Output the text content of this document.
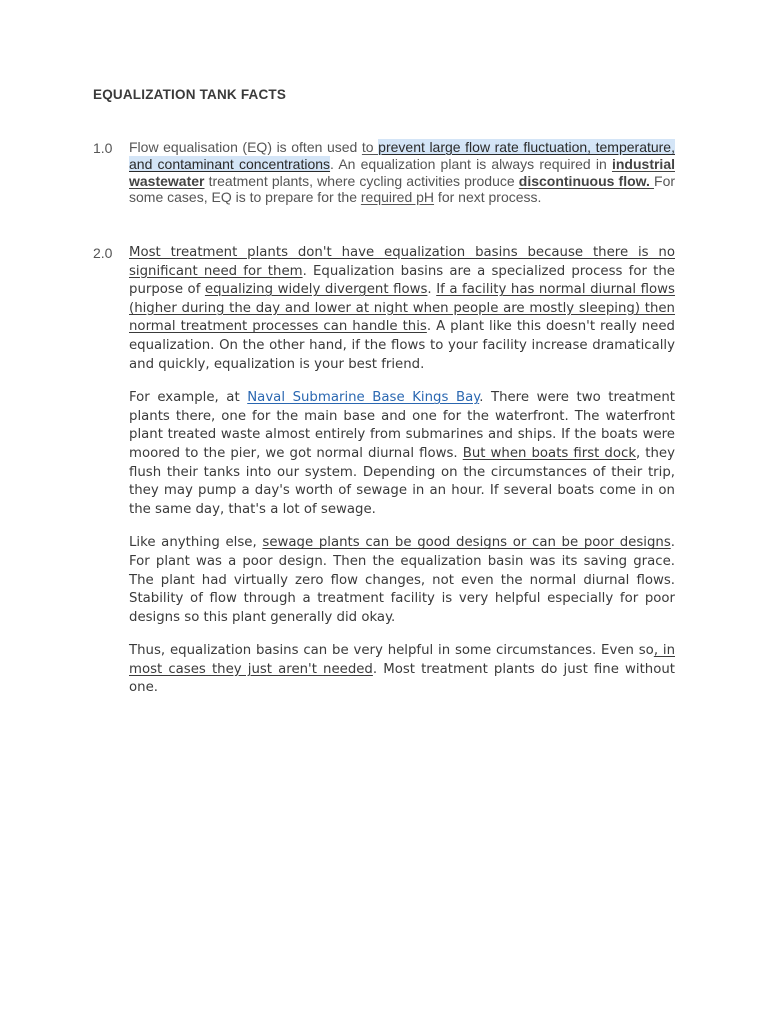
EQUALIZATION TANK FACTS
1.0 Flow equalisation (EQ) is often used to prevent large flow rate fluctuation, temperature, and contaminant concentrations. An equalization plant is always required in industrial wastewater treatment plants, where cycling activities produce discontinuous flow. For some cases, EQ is to prepare for the required pH for next process.
2.0 Most treatment plants don't have equalization basins because there is no significant need for them. Equalization basins are a specialized process for the purpose of equalizing widely divergent flows. If a facility has normal diurnal flows (higher during the day and lower at night when people are mostly sleeping) then normal treatment processes can handle this. A plant like this doesn't really need equalization. On the other hand, if the flows to your facility increase dramatically and quickly, equalization is your best friend.

For example, at Naval Submarine Base Kings Bay. There were two treatment plants there, one for the main base and one for the waterfront. The waterfront plant treated waste almost entirely from submarines and ships. If the boats were moored to the pier, we got normal diurnal flows. But when boats first dock, they flush their tanks into our system. Depending on the circumstances of their trip, they may pump a day's worth of sewage in an hour. If several boats come in on the same day, that's a lot of sewage.

Like anything else, sewage plants can be good designs or can be poor designs. For plant was a poor design. Then the equalization basin was its saving grace. The plant had virtually zero flow changes, not even the normal diurnal flows. Stability of flow through a treatment facility is very helpful especially for poor designs so this plant generally did okay.

Thus, equalization basins can be very helpful in some circumstances. Even so, in most cases they just aren't needed. Most treatment plants do just fine without one.
